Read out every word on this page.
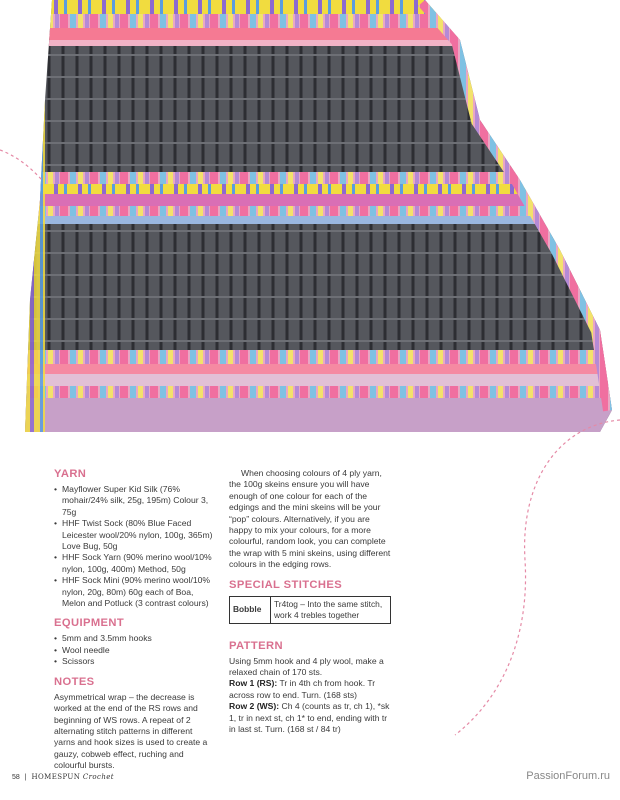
YARN
• Mayflower Super Kid Silk (76% mohair/24% silk, 25g, 195m) Colour 3, 75g
• HHF Twist Sock (80% Blue Faced Leicester wool/20% nylon, 100g, 365m) Love Bug, 50g
• HHF Sock Yarn (90% merino wool/10% nylon, 100g, 400m) Method, 50g
• HHF Sock Mini (90% merino wool/10% nylon, 20g, 80m) 60g each of Boa, Melon and Potluck (3 contrast colours)
EQUIPMENT
• 5mm and 3.5mm hooks
• Wool needle
• Scissors
NOTES

Asymmetrical wrap – the decrease is worked at the end of the RS rows and beginning of WS rows. A repeat of 2 alternating stitch patterns in different yarns and hook sizes is used to create a gauzy, cobweb effect, ruching and colourful bursts.

When choosing colours of 4 ply yarn, the 100g skeins ensure you will have enough of one colour for each of the edgings and the mini skeins will be your “pop” colours. Alternatively, if you are happy to mix your colours, for a more colourful, random look, you can complete the wrap with 5 mini skeins, using different colours in the edging rows.

SPECIAL STITCHES
Bobble	Tr4tog – Into the same stitch, work 4 trebles together
PATTERN

Using 5mm hook and 4 ply wool, make a relaxed chain of 170 sts.

Row 1 (RS): Tr in 4th ch from hook. Tr across row to end. Turn. (168 sts)

Row 2 (WS): Ch 4 (counts as tr, ch 1), *sk 1, tr in next st, ch 1* to end, ending with tr in last st. Turn. (168 st / 84 tr)

58 | HOMESPUN Crochet	PassionForum.ru
